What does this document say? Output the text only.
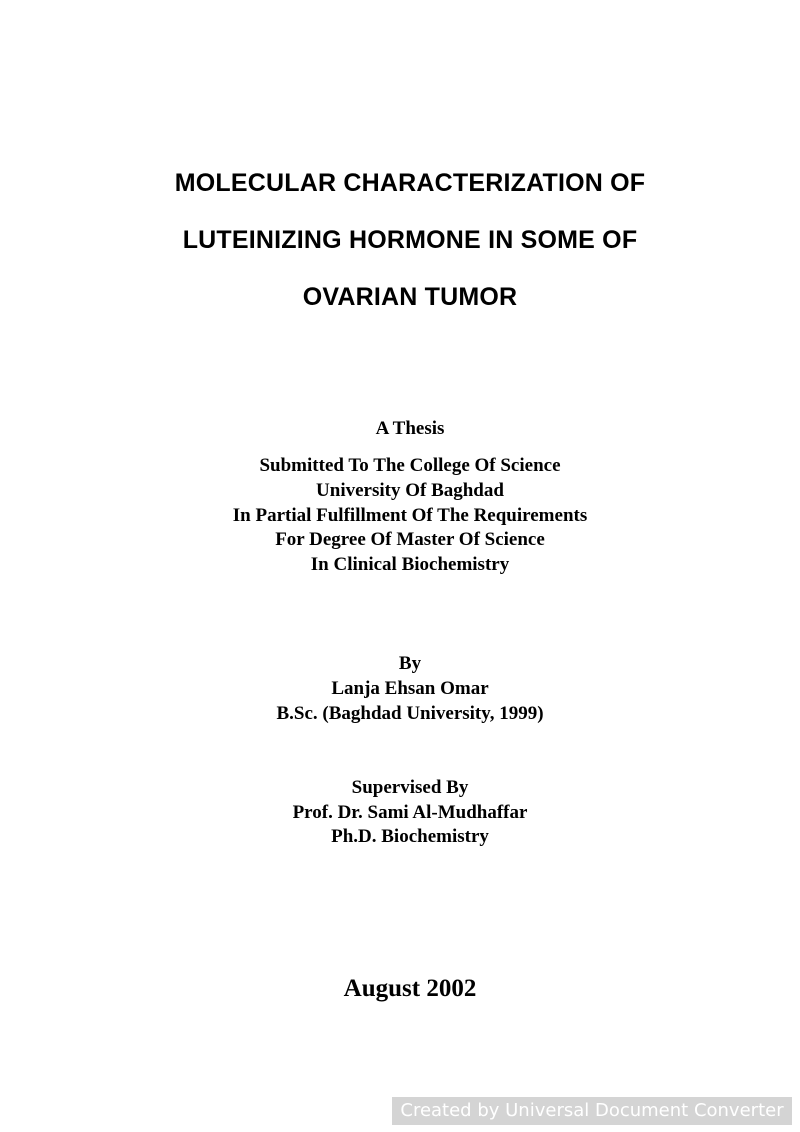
MOLECULAR CHARACTERIZATION OF
LUTEINIZING HORMONE IN SOME OF
OVARIAN TUMOR
A Thesis
Submitted To The College Of Science
University Of Baghdad
In Partial Fulfillment Of The Requirements
For Degree Of Master Of Science
In Clinical Biochemistry
By
Lanja Ehsan Omar
B.Sc. (Baghdad University, 1999)
Supervised By
Prof. Dr. Sami Al-Mudhaffar
Ph.D. Biochemistry
August 2002
Created by Universal Document Converter
